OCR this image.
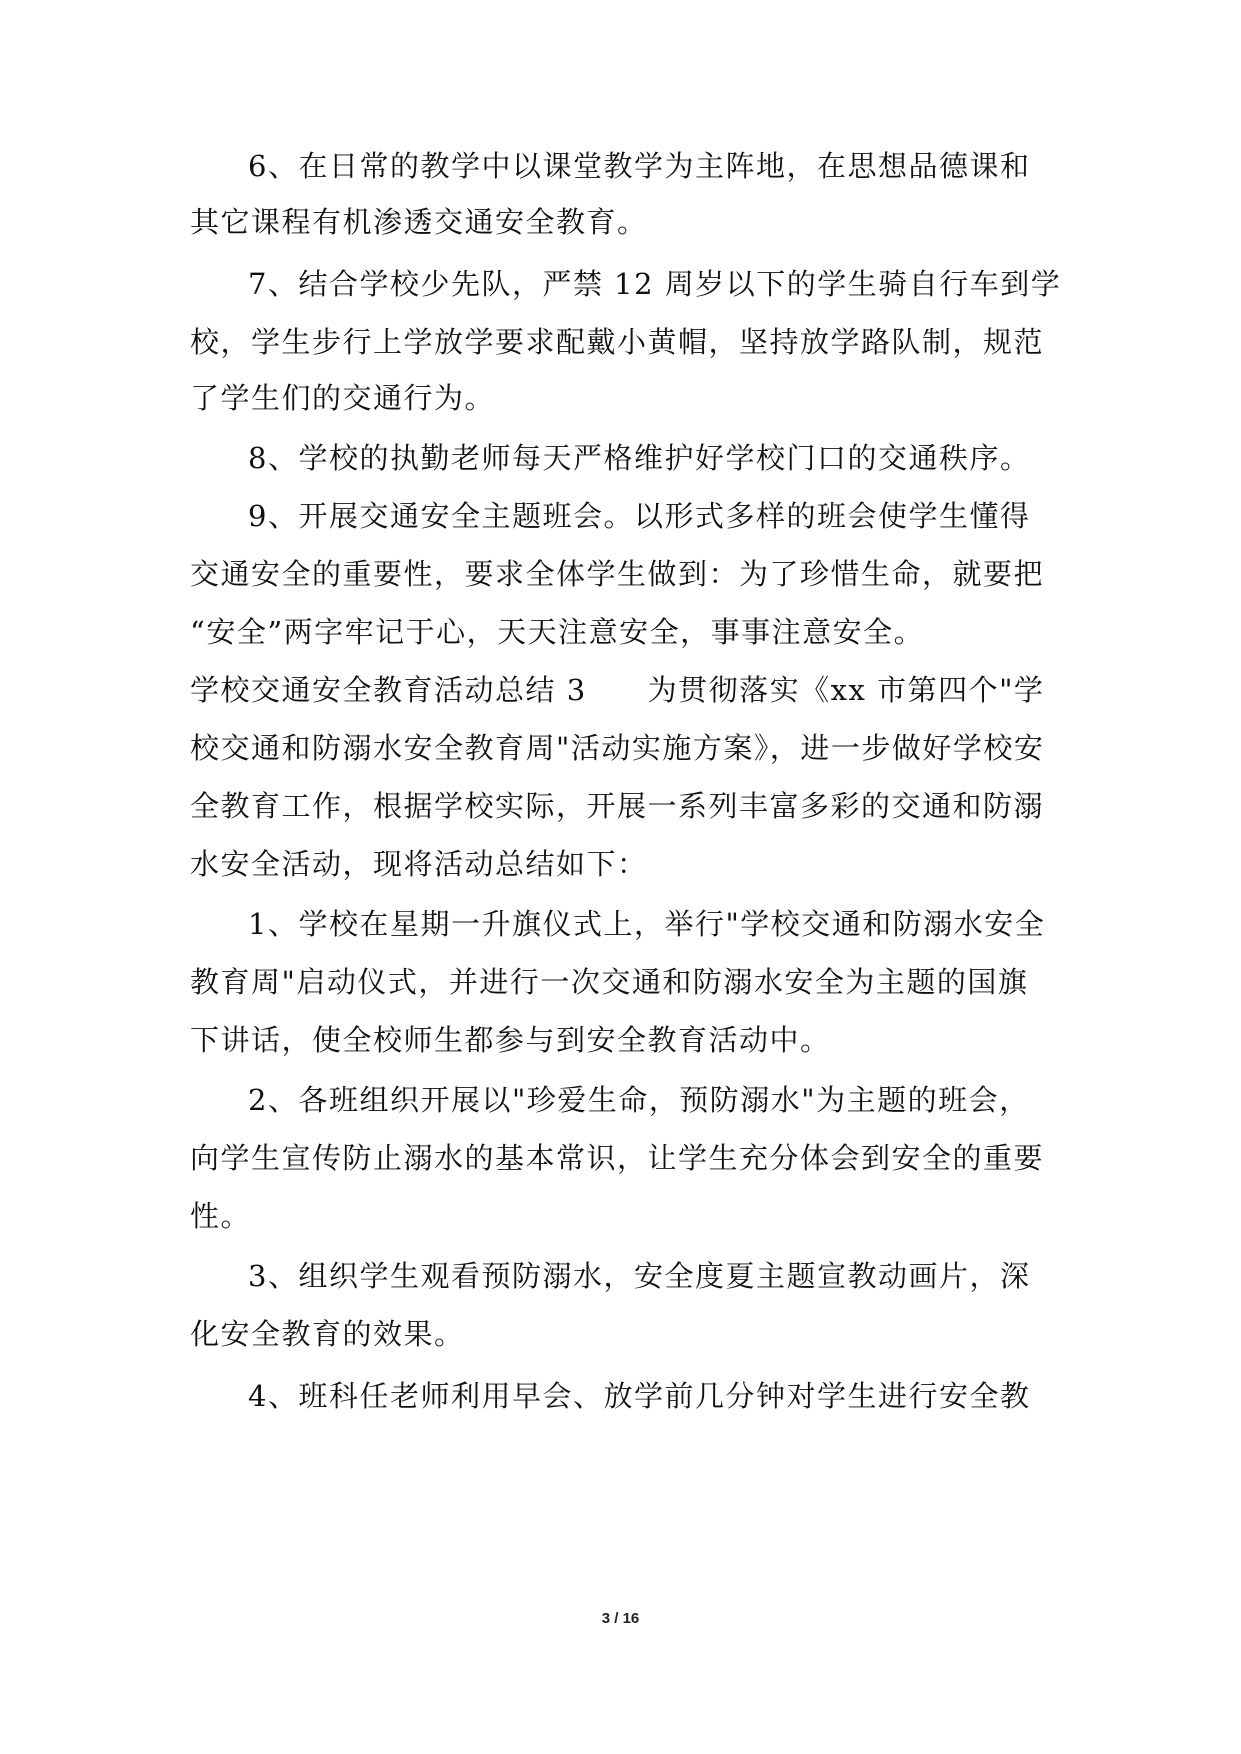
6、在日常的教学中以课堂教学为主阵地，在思想品德课和
其它课程有机渗透交通安全教育。
7、结合学校少先队，严禁 12 周岁以下的学生骑自行车到学
校，学生步行上学放学要求配戴小黄帽，坚持放学路队制，规范
了学生们的交通行为。
8、学校的执勤老师每天严格维护好学校门口的交通秩序。
9、开展交通安全主题班会。以形式多样的班会使学生懂得
交通安全的重要性，要求全体学生做到：为了珍惜生命，就要把
“安全”两字牢记于心，天天注意安全，事事注意安全。
学校交通安全教育活动总结 3　　为贯彻落实《xx 市第四个"学
校交通和防溺水安全教育周"活动实施方案》，进一步做好学校安
全教育工作，根据学校实际，开展一系列丰富多彩的交通和防溺
水安全活动，现将活动总结如下：
1、学校在星期一升旗仪式上，举行"学校交通和防溺水安全
教育周"启动仪式，并进行一次交通和防溺水安全为主题的国旗
下讲话，使全校师生都参与到安全教育活动中。
2、各班组织开展以"珍爱生命，预防溺水"为主题的班会，
向学生宣传防止溺水的基本常识，让学生充分体会到安全的重要
性。
3、组织学生观看预防溺水，安全度夏主题宣教动画片，深
化安全教育的效果。
4、班科任老师利用早会、放学前几分钟对学生进行安全教
3 / 16
